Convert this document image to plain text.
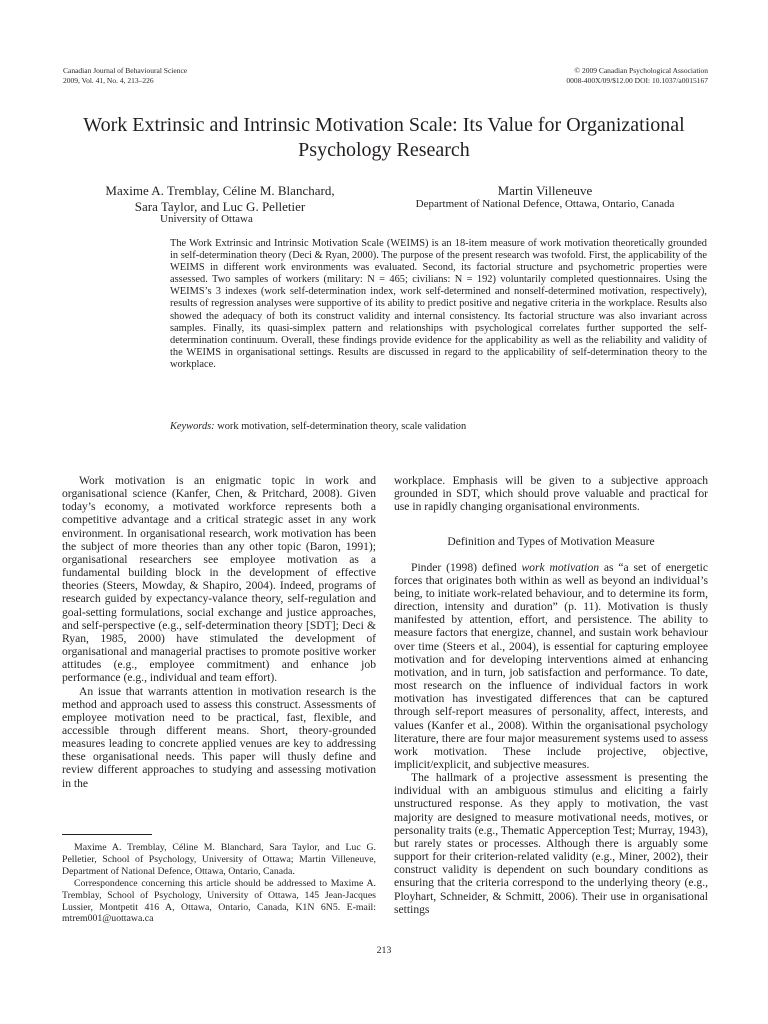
Canadian Journal of Behavioural Science
2009, Vol. 41, No. 4, 213–226
© 2009 Canadian Psychological Association
0008-400X/09/$12.00 DOI: 10.1037/a0015167
Work Extrinsic and Intrinsic Motivation Scale: Its Value for Organizational
Psychology Research
Maxime A. Tremblay, Céline M. Blanchard,
Sara Taylor, and Luc G. Pelletier
University of Ottawa
Martin Villeneuve
Department of National Defence, Ottawa, Ontario, Canada
The Work Extrinsic and Intrinsic Motivation Scale (WEIMS) is an 18-item measure of work motivation theoretically grounded in self-determination theory (Deci & Ryan, 2000). The purpose of the present research was twofold. First, the applicability of the WEIMS in different work environments was evaluated. Second, its factorial structure and psychometric properties were assessed. Two samples of workers (military: N = 465; civilians: N = 192) voluntarily completed questionnaires. Using the WEIMS’s 3 indexes (work self-determination index, work self-determined and nonself-determined motivation, respectively), results of regression analyses were supportive of its ability to predict positive and negative criteria in the workplace. Results also showed the adequacy of both its construct validity and internal consistency. Its factorial structure was also invariant across samples. Finally, its quasi-simplex pattern and relationships with psychological correlates further supported the self-determination continuum. Overall, these findings provide evidence for the applicability as well as the reliability and validity of the WEIMS in organisational settings. Results are discussed in regard to the applicability of self-determination theory to the workplace.
Keywords: work motivation, self-determination theory, scale validation

Work motivation is an enigmatic topic in work and organisational science (Kanfer, Chen, & Pritchard, 2008). Given today’s economy, a motivated workforce represents both a competitive advantage and a critical strategic asset in any work environment. In organisational research, work motivation has been the subject of more theories than any other topic (Baron, 1991); organisational researchers see employee motivation as a fundamental building block in the development of effective theories (Steers, Mowday, & Shapiro, 2004). Indeed, programs of research guided by expectancy-valance theory, self-regulation and goal-setting formulations, social exchange and justice approaches, and self-perspective (e.g., self-determination theory [SDT]; Deci & Ryan, 1985, 2000) have stimulated the development of organisational and managerial practises to promote positive worker attitudes (e.g., employee commitment) and enhance job performance (e.g., individual and team effort).

An issue that warrants attention in motivation research is the method and approach used to assess this construct. Assessments of employee motivation need to be practical, fast, flexible, and accessible through different means. Short, theory-grounded measures leading to concrete applied venues are key to addressing these organisational needs. This paper will thusly define and review different approaches to studying and assessing motivation in the

workplace. Emphasis will be given to a subjective approach grounded in SDT, which should prove valuable and practical for use in rapidly changing organisational environments.

Definition and Types of Motivation Measure

Pinder (1998) defined work motivation as “a set of energetic forces that originates both within as well as beyond an individual’s being, to initiate work-related behaviour, and to determine its form, direction, intensity and duration” (p. 11). Motivation is thusly manifested by attention, effort, and persistence. The ability to measure factors that energize, channel, and sustain work behaviour over time (Steers et al., 2004), is essential for capturing employee motivation and for developing interventions aimed at enhancing motivation, and in turn, job satisfaction and performance. To date, most research on the influence of individual factors in work motivation has investigated differences that can be captured through self-report measures of personality, affect, interests, and values (Kanfer et al., 2008). Within the organisational psychology literature, there are four major measurement systems used to assess work motivation. These include projective, objective, implicit/explicit, and subjective measures.

The hallmark of a projective assessment is presenting the individual with an ambiguous stimulus and eliciting a fairly unstructured response. As they apply to motivation, the vast majority are designed to measure motivational needs, motives, or personality traits (e.g., Thematic Apperception Test; Murray, 1943), but rarely states or processes. Although there is arguably some support for their criterion-related validity (e.g., Miner, 2002), their construct validity is dependent on such boundary conditions as ensuring that the criteria correspond to the underlying theory (e.g., Ployhart, Schneider, & Schmitt, 2006). Their use in organisational settings

Maxime A. Tremblay, Céline M. Blanchard, Sara Taylor, and Luc G. Pelletier, School of Psychology, University of Ottawa; Martin Villeneuve, Department of National Defence, Ottawa, Ontario, Canada.

Correspondence concerning this article should be addressed to Maxime A. Tremblay, School of Psychology, University of Ottawa, 145 Jean-Jacques Lussier, Montpetit 416 A, Ottawa, Ontario, Canada, K1N 6N5. E-mail: mtrem001@uottawa.ca

213
